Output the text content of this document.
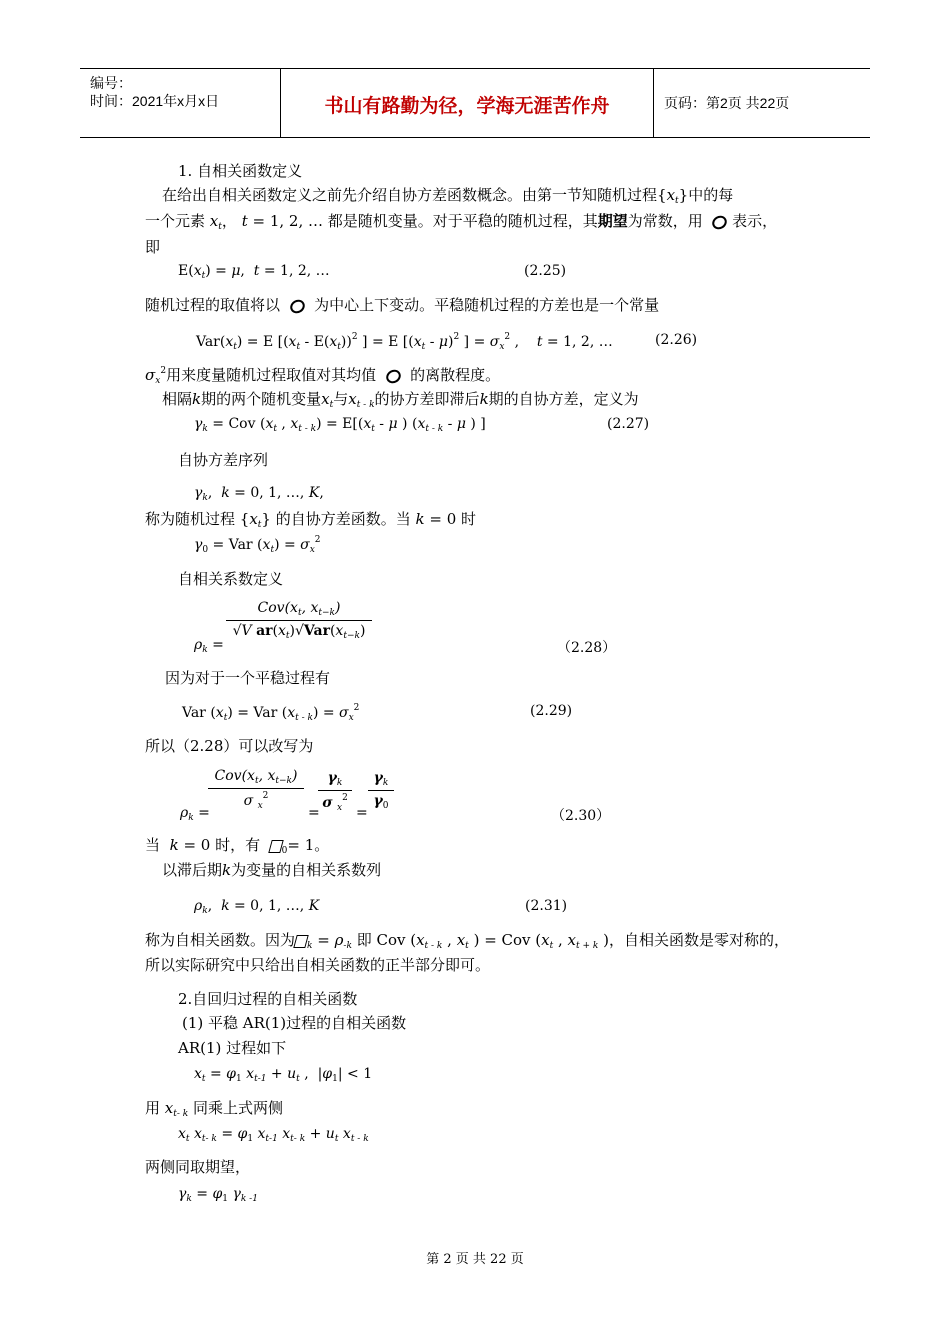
编号：
时间：2021年x月x日	书山有路勤为径，学海无涯苦作舟	页码：第2页 共22页
1. 自相关函数定义
在给出自相关函数定义之前先介绍自协方差函数概念。由第一节知随机过程$\{x_t\}$中的每
一个元素 $x_t$， t = 1, 2, … 都是随机变量。对于平稳的随机过程，其期望为常数，用 表示，
即
$E(x_t) = \mu$,  t = 1, 2, …	(2.25)
随机过程的取值将以 为中心上下变动。平稳随机过程的方差也是一个常量
$Var(x_t) = E$ [$(x_t - E(x_t))^2$ ] = E [$(x_t - \mu)^2$ ] = $\sigma_x^2$ ,    t = 1, 2, …	(2.26)
$\sigma_x^2$用来度量随机过程取值对其均值 的离散程度。
相隔k期的两个随机变量$x_t$与$x_{t - k}$的协方差即滞后k期的自协方差，定义为
$\gamma_k$ = Cov ($x_t$ , $x_{t - k}) = E[(x_t - \mu$ ) ($x_{t - k}$ - μ ) ]	(2.27)
自协方差序列
$\gamma_k$,  k = 0, 1, …, K,
称为随机过程 $\{x_t\}$ 的自协方差函数。当 k = 0 时
$\gamma_0$ = Var $(x_t) = \sigma_x^2$
自相关系数定义
$\rho_k$ =
$Cov(x_t$, $x_{t-k}$)
√V $ar(x_t)√Var(x_{t-k})$
（2.28）
因为对于一个平稳过程有
Var $(x_t)$ = Var $(x_{t - k}) = \sigma_x^2$	(2.29)
所以（2.28）可以改写为
$\rho_k$ =
$Cov(x_t$, $x_{t-k}$)
σ $_x^2$
=
$\gamma_k$
σ $_x^2$
=
$\gamma_k$
$\gamma_0$
（2.30）
当 k = 0 时，有 $_0$= 1。
以滞后期k为变量的自相关系数列
$\rho_k$,  k = 0, 1, …, K	(2.31)
称为自相关函数。因为 $_k = \rho_{-k}$ 即 Cov ($x_{t - k}$ , $x_t$ ) = Cov ($x_t$ , $x_{t + k}$ )，自相关函数是零对称的，
所以实际研究中只给出自相关函数的正半部分即可。
2.自回归过程的自相关函数
(1) 平稳 AR(1)过程的自相关函数
AR(1) 过程如下
$x_t = \varphi_1$ $x_{t-1} + u_t$ ,  $|\varphi_1| < 1$
用 $x_{t- k}$ 同乘上式两侧
$x_t$ $x_{t- k} = \varphi_1$ $x_{t-1}$ $x_{t- k} + u_t$ $x_{t - k}$
两侧同取期望，
$\gamma_k = \varphi_1$ $\gamma_{k -1}$
第 2 页 共 22 页
